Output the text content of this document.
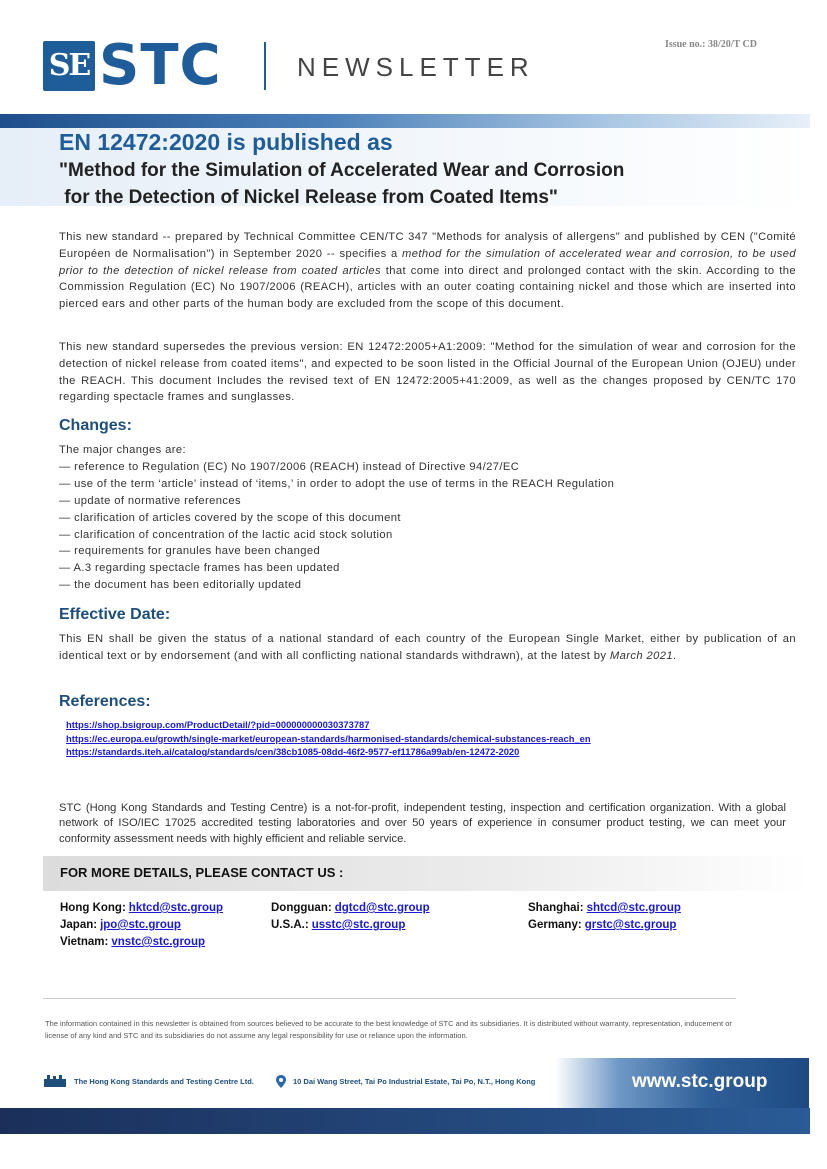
SE STC	NEWSLETTER
Issue no.: 38/20/T CD
EN 12472:2020 is published as
"Method for the Simulation of Accelerated Wear and Corrosion
for the Detection of Nickel Release from Coated Items"
This new standard -- prepared by Technical Committee CEN/TC 347 "Methods for analysis of allergens" and published by CEN ("Comité Européen de Normalisation") in September 2020 -- specifies a method for the simulation of accelerated wear and corrosion, to be used prior to the detection of nickel release from coated articles that come into direct and prolonged contact with the skin. According to the Commission Regulation (EC) No 1907/2006 (REACH), articles with an outer coating containing nickel and those which are inserted into pierced ears and other parts of the human body are excluded from the scope of this document.
This new standard supersedes the previous version: EN 12472:2005+A1:2009: "Method for the simulation of wear and corrosion for the detection of nickel release from coated items", and expected to be soon listed in the Official Journal of the European Union (OJEU) under the REACH. This document Includes the revised text of EN 12472:2005+41:2009, as well as the changes proposed by CEN/TC 170 regarding spectacle frames and sunglasses.
Changes:
The major changes are:
— reference to Regulation (EC) No 1907/2006 (REACH) instead of Directive 94/27/EC
— use of the term ‘article’ instead of ‘items,’ in order to adopt the use of terms in the REACH Regulation
— update of normative references
— clarification of articles covered by the scope of this document
— clarification of concentration of the lactic acid stock solution
— requirements for granules have been changed
— A.3 regarding spectacle frames has been updated
— the document has been editorially updated
Effective Date:
This EN shall be given the status of a national standard of each country of the European Single Market, either by publication of an identical text or by endorsement (and with all conflicting national standards withdrawn), at the latest by March 2021.
References:
https://shop.bsigroup.com/ProductDetail/?pid=000000000030373787
https://ec.europa.eu/growth/single-market/european-standards/harmonised-standards/chemical-substances-reach_en
https://standards.iteh.ai/catalog/standards/cen/38cb1085-08dd-46f2-9577-ef11786a99ab/en-12472-2020
STC (Hong Kong Standards and Testing Centre) is a not-for-profit, independent testing, inspection and certification organization. With a global network of ISO/IEC 17025 accredited testing laboratories and over 50 years of experience in consumer product testing, we can meet your conformity assessment needs with highly efficient and reliable service.
FOR MORE DETAILS, PLEASE CONTACT US :
Hong Kong: hktcd@stc.group	Dongguan: dgtcd@stc.group	Shanghai: shtcd@stc.group
Japan: jpo@stc.group	U.S.A.: usstc@stc.group	Germany: grstc@stc.group
Vietnam: vnstc@stc.group
The information contained in this newsletter is obtained from sources believed to be accurate to the best knowledge of STC and its subsidiaries. It is distributed without warranty, representation, inducement or license of any kind and STC and its subsidiaries do not assume any legal responsibility for use or reliance upon the information.
The Hong Kong Standards and Testing Centre Ltd.	10 Dai Wang Street, Tai Po Industrial Estate, Tai Po, N.T., Hong Kong	www.stc.group
